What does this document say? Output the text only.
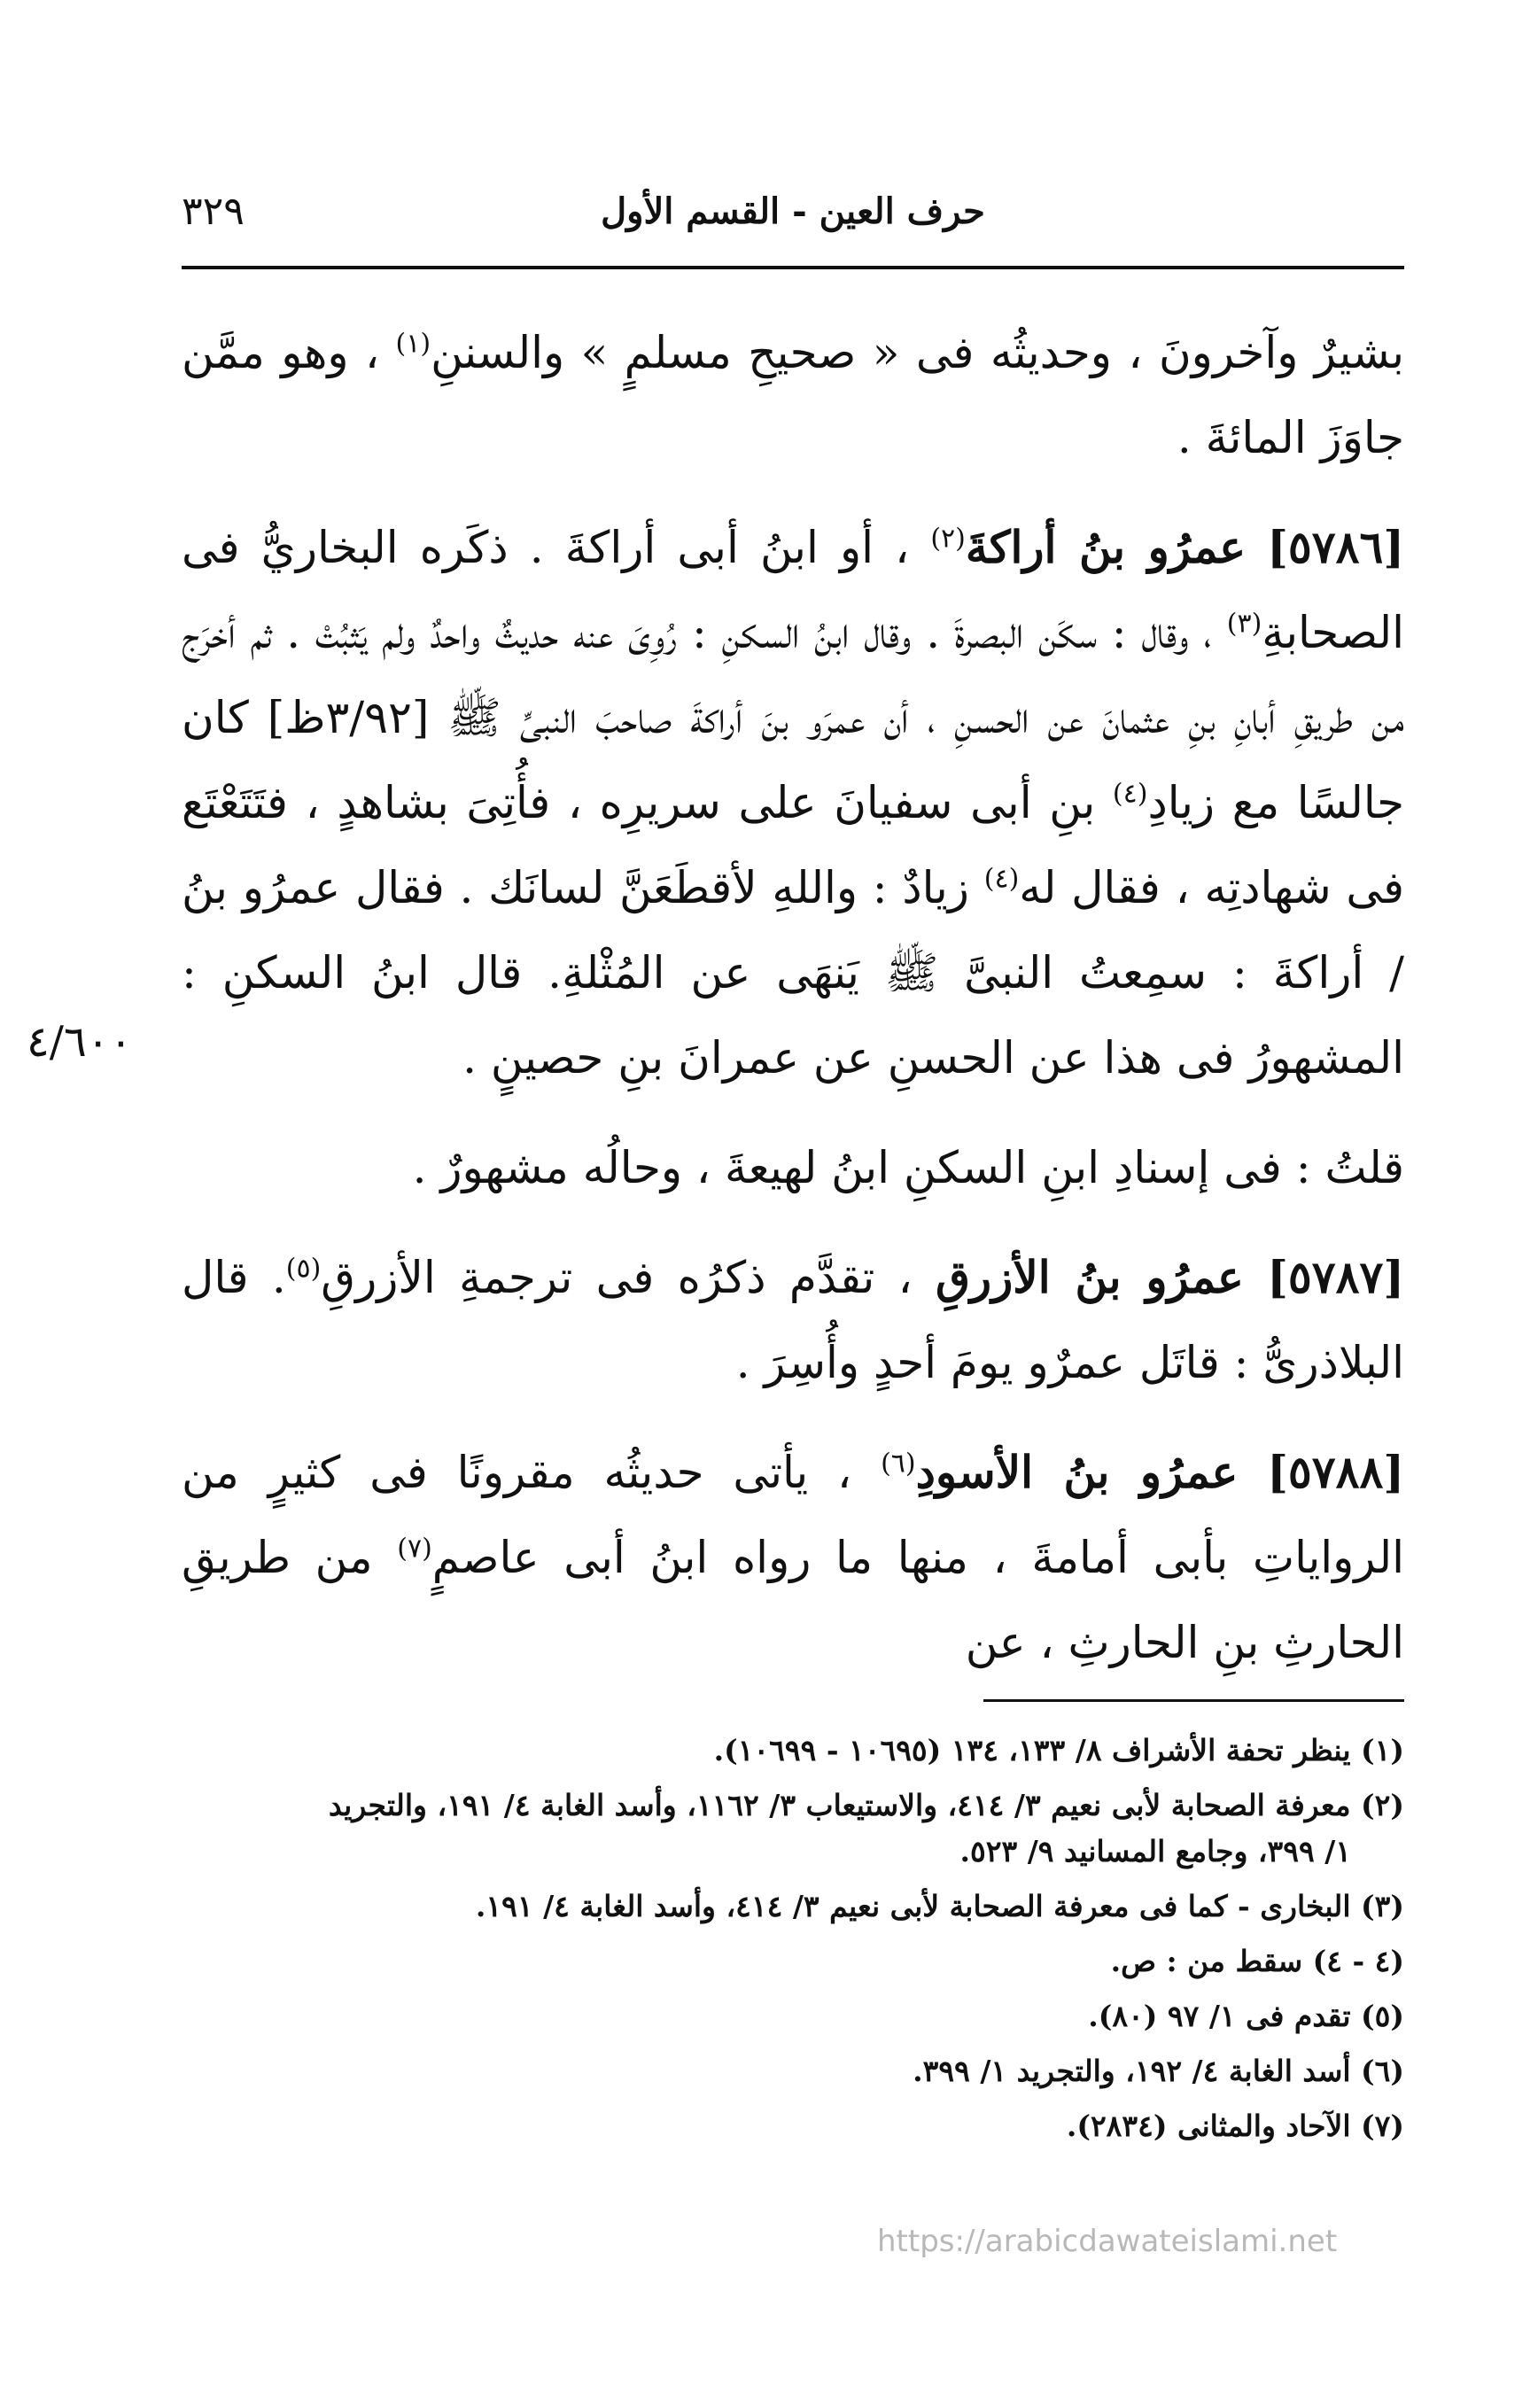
حرف العين - القسم الأول
٣٢٩

بشيرٌ وآخرونَ ، وحديثُه فى « صحيحِ مسلمٍ » والسننِ$^{(١)}$ ، وهو ممَّن جاوَزَ المائةَ .

[٥٧٨٦] عمرُو بنُ أراكةَ$^{(٢)}$ ، أو ابنُ أبى أراكةَ . ذكَره البخاريُّ فى الصحابةِ$^{(٣)}$ ، وقال : سكَن البصرةَ . وقال ابنُ السكنِ : رُوِىَ عنه حديثٌ واحدٌ ولم يَثبُتْ . ثم أخرَج من طريقِ أبانِ بنِ عثمانَ عن الحسنِ ، أن عمرَو بنَ أراكةَ صاحبَ النبىِّ ﷺ [٣/٩٢ظ] كان جالسًا مع زيادِ$^{(٤)}$ بنِ أبى سفيانَ على سريرِه ، فأُتِىَ بشاهدٍ ، فتَتَعْتَع فى شهادتِه ، فقال له$^{(٤)}$ زيادٌ : واللهِ لأقطَعَنَّ لسانَك . فقال عمرُو بنُ / أراكةَ : سمِعتُ النبىَّ ﷺ يَنهَى عن المُثْلةِ. قال ابنُ السكنِ : المشهورُ فى هذا عن الحسنِ عن عمرانَ بنِ حصينٍ .

قلتُ : فى إسنادِ ابنِ السكنِ ابنُ لهيعةَ ، وحالُه مشهورٌ .

[٥٧٨٧] عمرُو بنُ الأزرقِ ، تقدَّم ذكرُه فى ترجمةِ الأزرقِ$^{(٥)}$. قال البلاذرىُّ : قاتَل عمرٌو يومَ أحدٍ وأُسِرَ .

[٥٧٨٨] عمرُو بنُ الأسودِ$^{(٦)}$ ، يأتى حديثُه مقرونًا فى كثيرٍ من الرواياتِ بأبى أمامةَ ، منها ما رواه ابنُ أبى عاصمٍ$^{(٧)}$ من طريقِ الحارثِ بنِ الحارثِ ، عن

٤/٦٠٠
(١) ينظر تحفة الأشراف ٨/ ١٣٣، ١٣٤ (١٠٦٩٥ - ١٠٦٩٩).
(٢) معرفة الصحابة لأبى نعيم ٣/ ٤١٤، والاستيعاب ٣/ ١١٦٢، وأسد الغابة ٤/ ١٩١، والتجريد
١/ ٣٩٩، وجامع المسانيد ٩/ ٥٢٣.
(٣) البخارى - كما فى معرفة الصحابة لأبى نعيم ٣/ ٤١٤، وأسد الغابة ٤/ ١٩١.
(٤ - ٤) سقط من : ص.
(٥) تقدم فى ١/ ٩٧ (٨٠).
(٦) أسد الغابة ٤/ ١٩٢، والتجريد ١/ ٣٩٩.
(٧) الآحاد والمثانى (٢٨٣٤).
https://arabicdawateislami.net
